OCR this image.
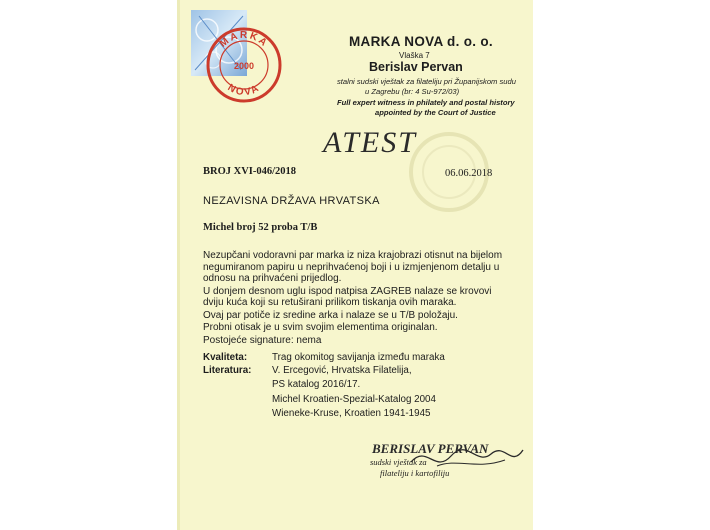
MARKA
NOVA
2000
MARKA NOVA d. o. o.
Vlaška 7
Berislav Pervan
stalni sudski vještak za filateliju pri Županijskom sudu
u Zagrebu (br: 4 Su-972/03)
Full expert witness in philately and postal history
appointed by the Court of Justice
ATEST
BROJ XVI-046/2018	06.06.2018
NEZAVISNA DRŽAVA HRVATSKA
Michel broj 52 proba T/B

Nezupčani vodoravni par marka iz niza krajobrazi otisnut na bijelom negumiranom papiru u neprihvaćenoj boji i u izmjenjenom detalju u odnosu na prihvaćeni prijedlog.

U donjem desnom uglu ispod natpisa ZAGREB nalaze se krovovi dviju kuća koji su retuširani prilikom tiskanja ovih maraka.

Ovaj par potiče iz sredine arka i nalaze se u T/B položaju.

Probni otisak je u svim svojim elementima originalan.

Postojeće signature: nema

Kvaliteta:	Trag okomitog savijanja između maraka
Literatura: V. Ercegović, Hrvatska Filatelija,
PS katalog 2016/17.
Michel Kroatien-Spezial-Katalog 2004
Wieneke-Kruse, Kroatien 1941-1945
BERISLAV PERVAN
sudski vještak za
filateliju i kartofiliju
